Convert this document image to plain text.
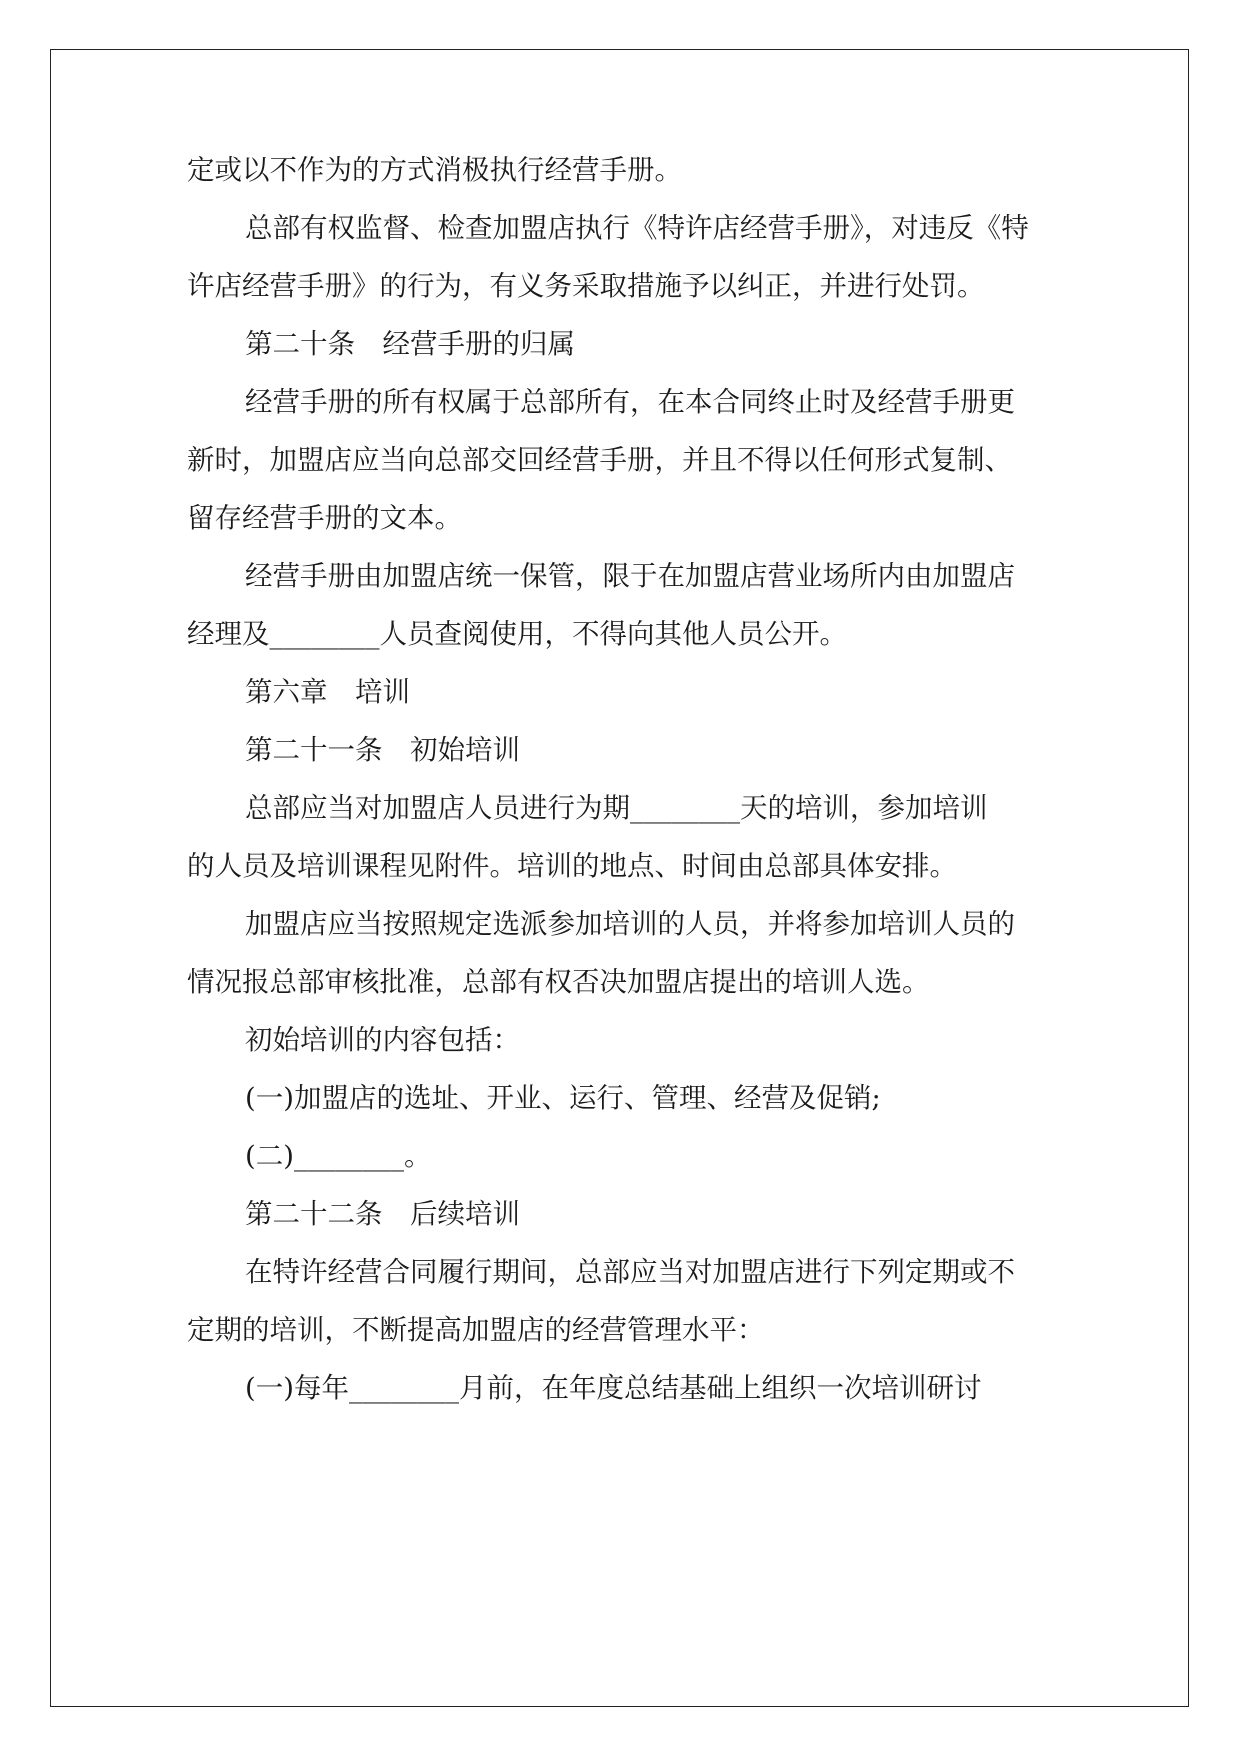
定或以不作为的方式消极执行经营手册。
总部有权监督、检查加盟店执行《特许店经营手册》，对违反《特
许店经营手册》的行为，有义务采取措施予以纠正，并进行处罚。
第二十条　经营手册的归属
经营手册的所有权属于总部所有，在本合同终止时及经营手册更
新时，加盟店应当向总部交回经营手册，并且不得以任何形式复制、
留存经营手册的文本。
经营手册由加盟店统一保管，限于在加盟店营业场所内由加盟店
经理及________人员查阅使用，不得向其他人员公开。
第六章　培训
第二十一条　初始培训
总部应当对加盟店人员进行为期________天的培训，参加培训
的人员及培训课程见附件。培训的地点、时间由总部具体安排。
加盟店应当按照规定选派参加培训的人员，并将参加培训人员的
情况报总部审核批准，总部有权否决加盟店提出的培训人选。
初始培训的内容包括：
(一)加盟店的选址、开业、运行、管理、经营及促销;
(二)________。
第二十二条　后续培训
在特许经营合同履行期间，总部应当对加盟店进行下列定期或不
定期的培训，不断提高加盟店的经营管理水平：
(一)每年________月前，在年度总结基础上组织一次培训研讨
